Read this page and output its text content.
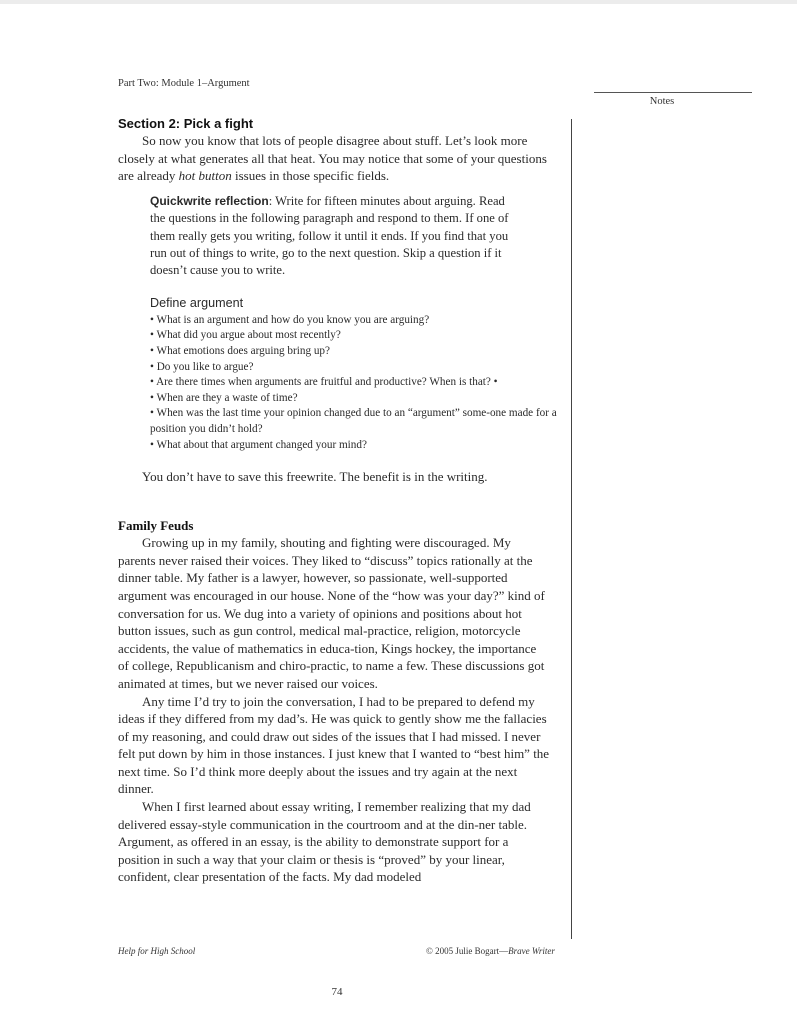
Part Two: Module 1–Argument
Notes
Section 2: Pick a fight

So now you know that lots of people disagree about stuff. Let’s look more closely at what generates all that heat. You may notice that some of your questions are already hot button issues in those specific fields.

Quickwrite reflection: Write for fifteen minutes about arguing. Read the questions in the following paragraph and respond to them. If one of them really gets you writing, follow it until it ends. If you find that you run out of things to write, go to the next question. Skip a question if it doesn’t cause you to write.

Define argument
• What is an argument and how do you know you are arguing?
• What did you argue about most recently?
• What emotions does arguing bring up?
• Do you like to argue?
• Are there times when arguments are fruitful and productive? When is that? •
• When are they a waste of time?
• When was the last time your opinion changed due to an “argument” some-one made for a position you didn’t hold?
• What about that argument changed your mind?

You don’t have to save this freewrite. The benefit is in the writing.

Family Feuds

Growing up in my family, shouting and fighting were discouraged. My parents never raised their voices. They liked to “discuss” topics rationally at the dinner table. My father is a lawyer, however, so passionate, well-supported argument was encouraged in our house. None of the “how was your day?” kind of conversation for us. We dug into a variety of opinions and positions about hot button issues, such as gun control, medical mal-practice, religion, motorcycle accidents, the value of mathematics in educa-tion, Kings hockey, the importance of college, Republicanism and chiro-practic, to name a few. These discussions got animated at times, but we never raised our voices.

Any time I’d try to join the conversation, I had to be prepared to defend my ideas if they differed from my dad’s. He was quick to gently show me the fallacies of my reasoning, and could draw out sides of the issues that I had missed. I never felt put down by him in those instances. I just knew that I wanted to “best him” the next time. So I’d think more deeply about the issues and try again at the next dinner.

When I first learned about essay writing, I remember realizing that my dad delivered essay-style communication in the courtroom and at the din-ner table. Argument, as offered in an essay, is the ability to demonstrate support for a position in such a way that your claim or thesis is “proved” by your linear, confident, clear presentation of the facts. My dad modeled

Help for High School	© 2005 Julie Bogart—Brave Writer
74
